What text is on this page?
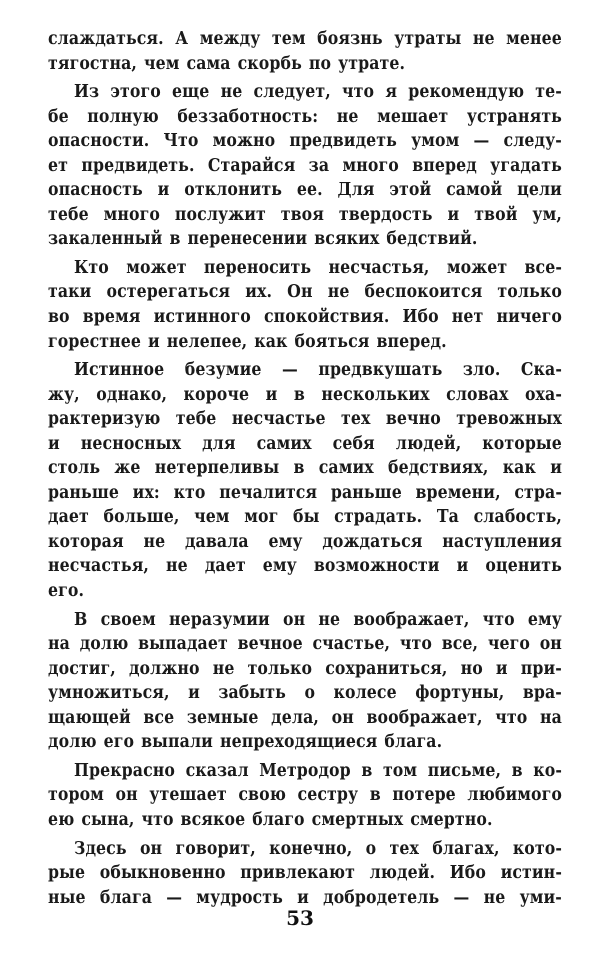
слаждаться. А между тем боязнь утраты не менее
тягостна, чем сама скорбь по утрате.
Из этого еще не следует, что я рекомендую те-
бе полную беззаботность: не мешает устранять
опасности. Что можно предвидеть умом — следу-
ет предвидеть. Старайся за много вперед угадать
опасность и отклонить ее. Для этой самой цели
тебе много послужит твоя твердость и твой ум,
закаленный в перенесении всяких бедствий.
Кто может переносить несчастья, может все-
таки остерегаться их. Он не беспокоится только
во время истинного спокойствия. Ибо нет ничего
горестнее и нелепее, как бояться вперед.
Истинное безумие — предвкушать зло. Ска-
жу, однако, короче и в нескольких словах оха-
рактеризую тебе несчастье тех вечно тревожных
и несносных для самих себя людей, которые
столь же нетерпеливы в самих бедствиях, как и
раньше их: кто печалится раньше времени, стра-
дает больше, чем мог бы страдать. Та слабость,
которая не давала ему дождаться наступления
несчастья, не дает ему возможности и оценить
его.
В своем неразумии он не воображает, что ему
на долю выпадает вечное счастье, что все, чего он
достиг, должно не только сохраниться, но и при-
умножиться, и забыть о колесе фортуны, вра-
щающей все земные дела, он воображает, что на
долю его выпали непреходящиеся блага.
Прекрасно сказал Метродор в том письме, в ко-
тором он утешает свою сестру в потере любимого
ею сына, что всякое благо смертных смертно.
Здесь он говорит, конечно, о тех благах, кото-
рые обыкновенно привлекают людей. Ибо истин-
ные блага — мудрость и добродетель — не уми-
53
